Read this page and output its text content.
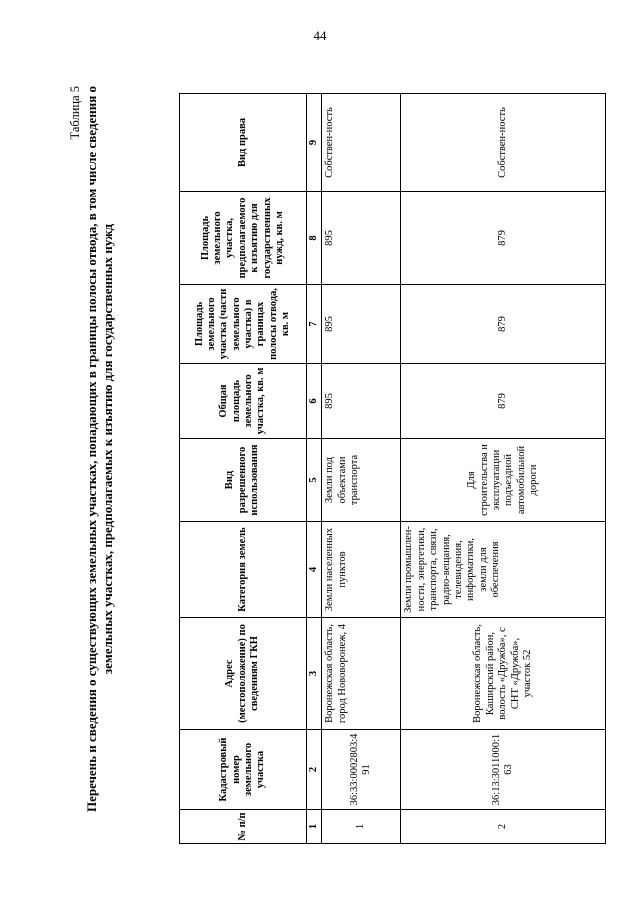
44
Таблица 5 Перечень и сведения о существующих земельных участках, попадающих в границы полосы отвода, в том числе сведения о земельных участках, предполагаемых к изъятию для государственных нужд
№ п/п	Кадастровый номер земельного участка	Адрес (местоположение) по сведениям ГКН	Категория земель	Вид разрешенного использования	Общая площадь земельного участка, кв. м	Площадь земельного участка (части земельного участка) в границах полосы отвода, кв. м	Площадь земельного участка, предполагаемого к изъятию для государственных нужд, кв. м	Вид права
1	2	3	4	5	6	7	8	9
1	36:33:0002803:491	Воронежская область, город Нововоронеж, 4	Земли населенных пунктов	Земли под объектами транспорта	895	895	895	Собствен-ность
2	36:13:3011000:163	Воронежская область, Каширский район, волость «Дружба», с СНТ «Дружба», участок 52	Земли промышлен-ности, энергетики, транспорта, связи, радио-вещания, телевидения, информатики, земли для обеспечения	Для строительства и эксплуатации подъездной автомобильной дороги	879	879	879	Собствен-ность
